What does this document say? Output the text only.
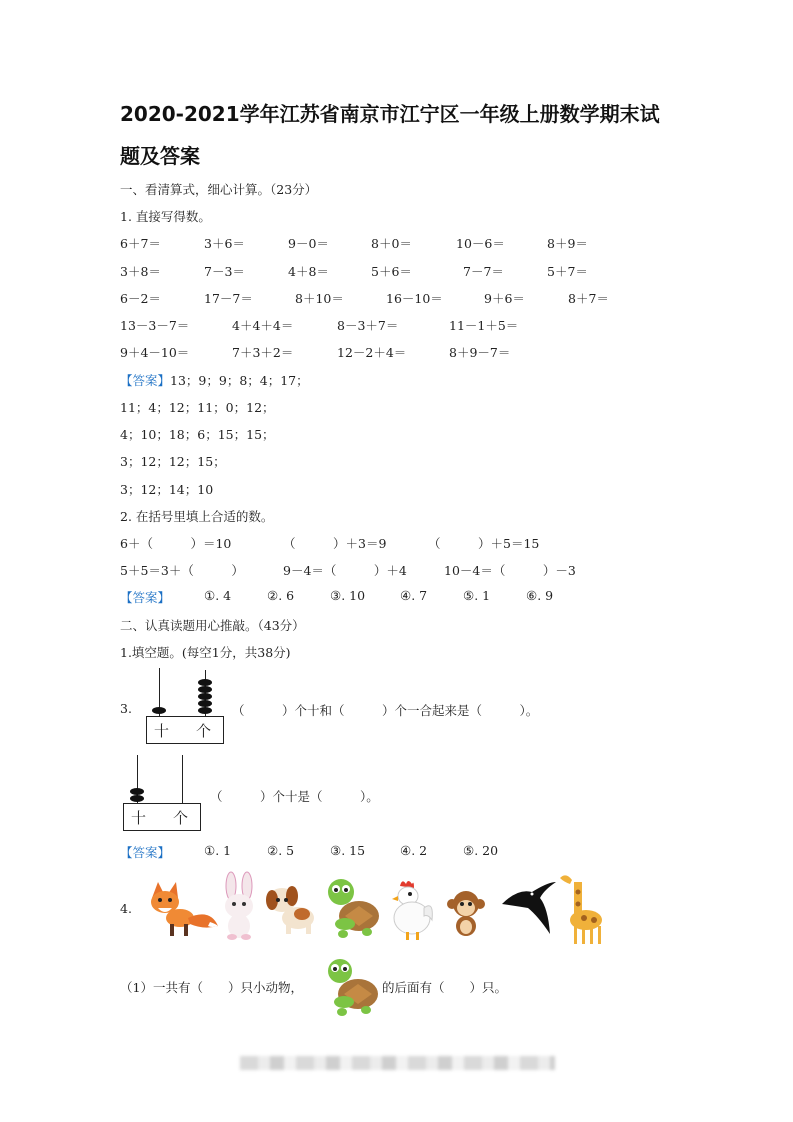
2020-2021学年江苏省南京市江宁区一年级上册数学期末试
题及答案
一、看清算式，细心计算。（23分）
1. 直接写得数。
6＋7＝	3＋6＝	9－0＝	8＋0＝	10－6＝	8＋9＝
3＋8＝	7－3＝	4＋8＝	5＋6＝	7－7＝	5＋7＝
6－2＝	17－7＝	8＋10＝	16－10＝	9＋6＝	8＋7＝
13－3－7＝	4＋4＋4＝	8－3＋7＝	11－1＋5＝
9＋4－10＝	7＋3＋2＝	12－2＋4＝	8＋9－7＝
【答案】13；9；9；8；4；17；
11；4；12；11；0；12；
4；10；18；6；15；15；
3；12；12；15；
3；12；14；10
2. 在括号里填上合适的数。
6＋（　　　）＝10	（　　　）＋3＝9	（　　　）＋5＝15
5＋5＝3＋（　　　）	9－4＝（　　　）＋4	10－4＝（　　　）－3
【答案】	①. 4	②. 6	③. 10	④. 7	⑤. 1	⑥. 9
二、认真读题用心推敲。（43分）
1.填空题。(每空1分，共38分)
3.
十 个
（　　　）个十和（　　　）个一合起来是（　　　）。
十 个
（　　　）个十是（　　　）。
【答案】	①. 1	②. 5	③. 15	④. 2	⑤. 20
4.
（1）一共有（　　）只小动物，	的后面有（　　）只。
